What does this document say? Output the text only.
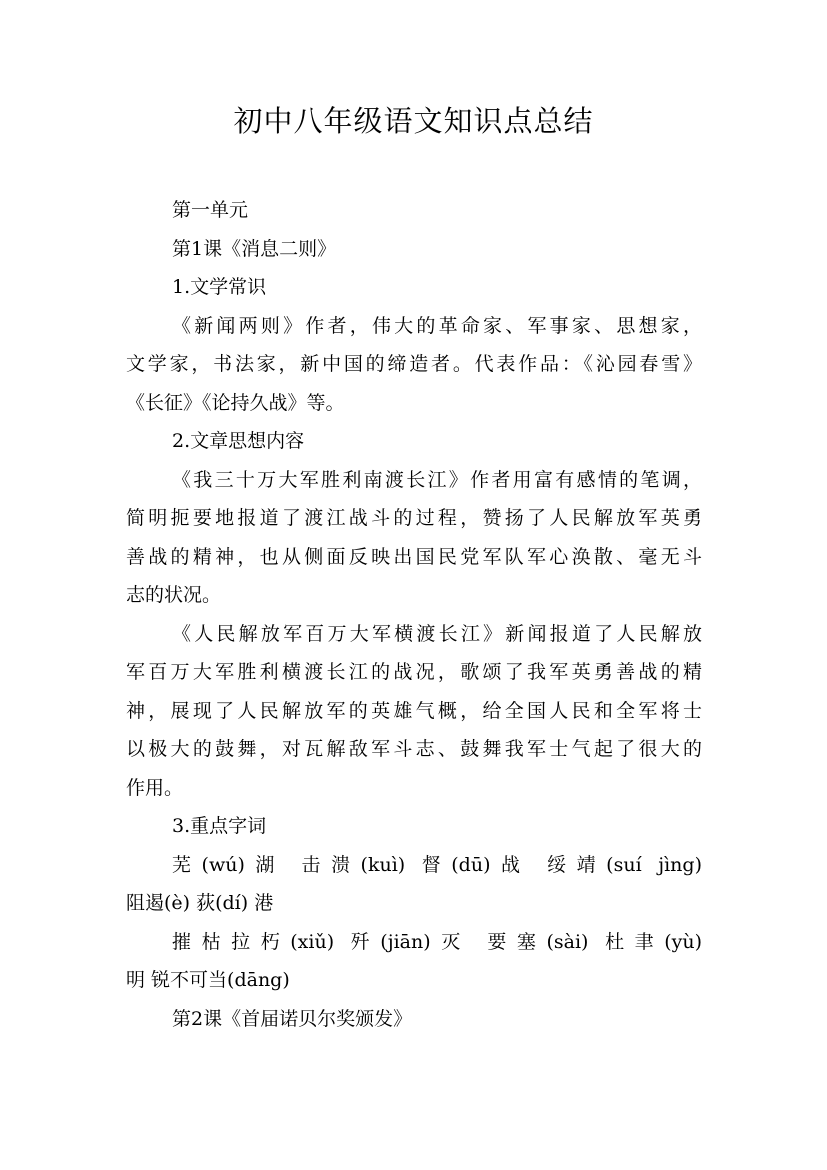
初中八年级语文知识点总结
第一单元
第1课《消息二则》
1.文学常识
《新闻两则》作者，伟大的革命家、军事家、思想家，
文学家，书法家，新中国的缔造者。代表作品：《沁园春雪》
《长征》《论持久战》等。
2.文章思想内容
《我三十万大军胜利南渡长江》作者用富有感情的笔调，
简明扼要地报道了渡江战斗的过程，赞扬了人民解放军英勇
善战的精神，也从侧面反映出国民党军队军心涣散、毫无斗
志的状况。
《人民解放军百万大军横渡长江》新闻报道了人民解放
军百万大军胜利横渡长江的战况，歌颂了我军英勇善战的精
神，展现了人民解放军的英雄气概，给全国人民和全军将士
以极大的鼓舞，对瓦解敌军斗志、鼓舞我军士气起了很大的
作用。
3.重点字词
芜(wú)湖 击溃(kuì) 督(dū)战 绥靖(suí jìng)
阻遏(è) 荻(dí) 港
摧枯拉朽(xiǔ) 歼(jiān)灭 要塞(sài) 杜聿(yù)
明 锐不可当(dāng)
第2课《首届诺贝尔奖颁发》
